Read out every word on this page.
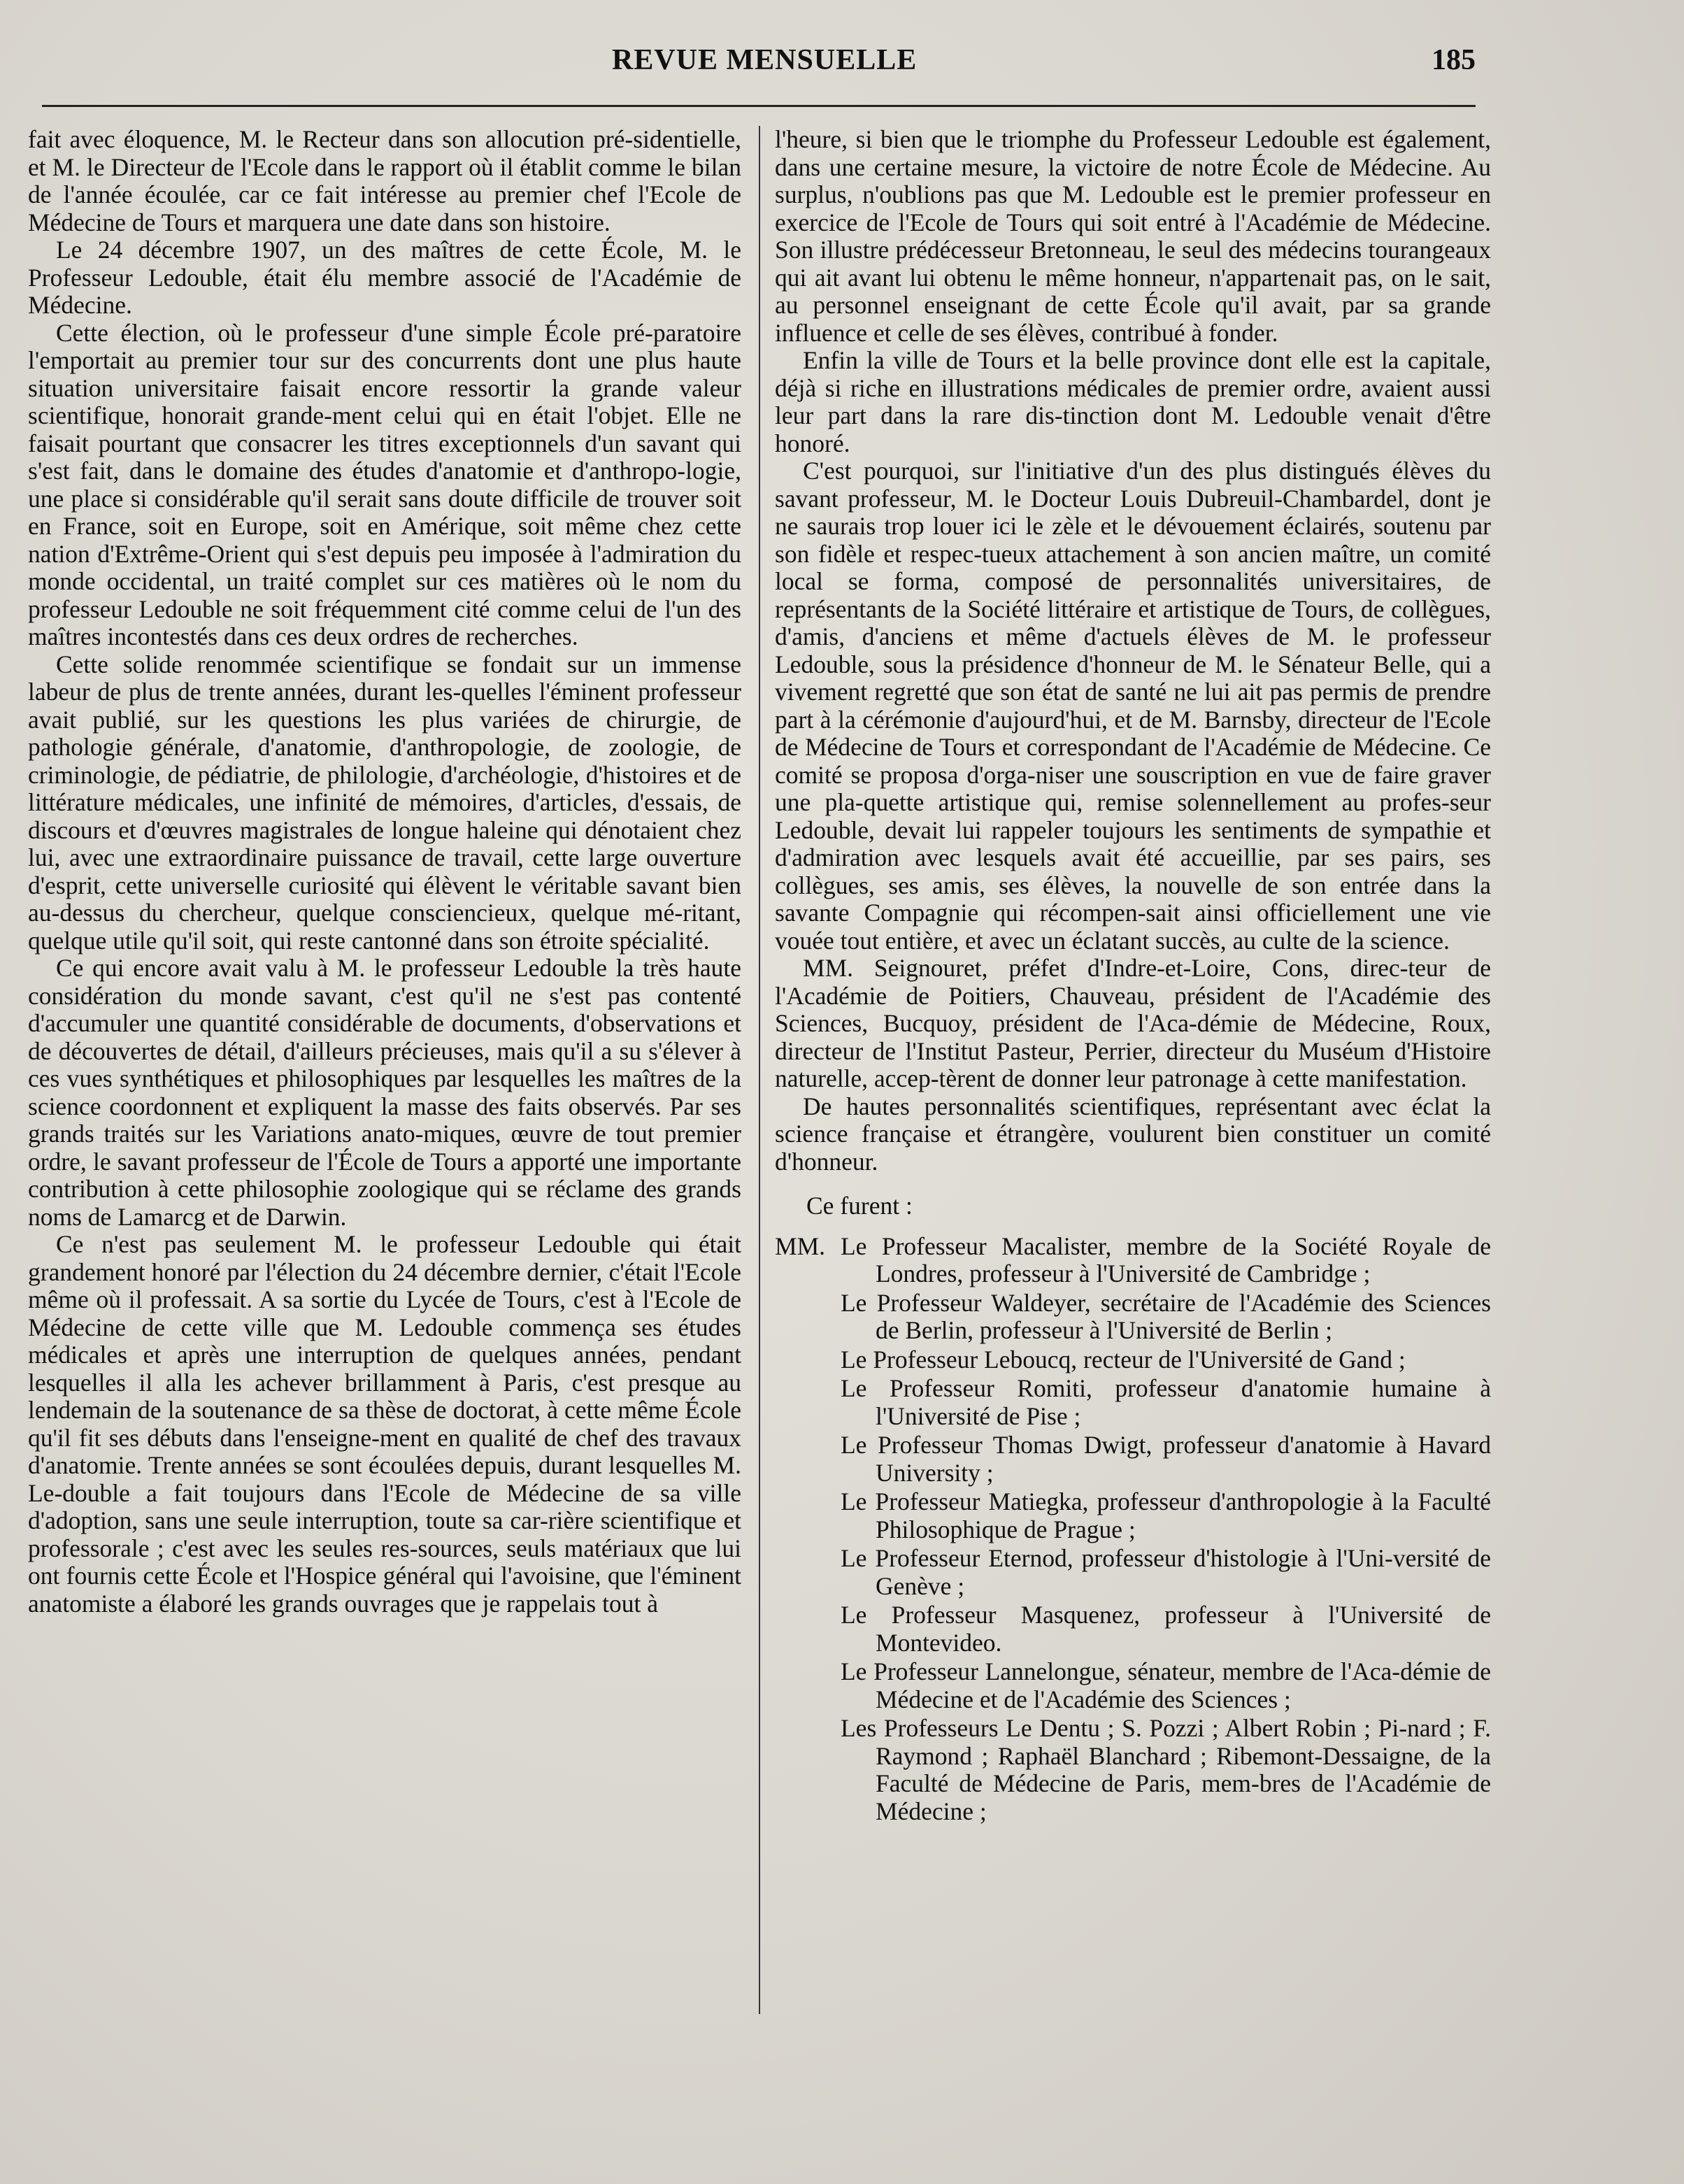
REVUE MENSUELLE	185

fait avec éloquence, M. le Recteur dans son allocution pré-sidentielle, et M. le Directeur de l'Ecole dans le rapport où il établit comme le bilan de l'année écoulée, car ce fait intéresse au premier chef l'Ecole de Médecine de Tours et marquera une date dans son histoire.

Le 24 décembre 1907, un des maîtres de cette École, M. le Professeur Ledouble, était élu membre associé de l'Académie de Médecine.

Cette élection, où le professeur d'une simple École pré-paratoire l'emportait au premier tour sur des concurrents dont une plus haute situation universitaire faisait encore ressortir la grande valeur scientifique, honorait grande-ment celui qui en était l'objet. Elle ne faisait pourtant que consacrer les titres exceptionnels d'un savant qui s'est fait, dans le domaine des études d'anatomie et d'anthropo-logie, une place si considérable qu'il serait sans doute difficile de trouver soit en France, soit en Europe, soit en Amérique, soit même chez cette nation d'Extrême-Orient qui s'est depuis peu imposée à l'admiration du monde occidental, un traité complet sur ces matières où le nom du professeur Ledouble ne soit fréquemment cité comme celui de l'un des maîtres incontestés dans ces deux ordres de recherches.

Cette solide renommée scientifique se fondait sur un immense labeur de plus de trente années, durant les-quelles l'éminent professeur avait publié, sur les questions les plus variées de chirurgie, de pathologie générale, d'anatomie, d'anthropologie, de zoologie, de criminologie, de pédiatrie, de philologie, d'archéologie, d'histoires et de littérature médicales, une infinité de mémoires, d'articles, d'essais, de discours et d'œuvres magistrales de longue haleine qui dénotaient chez lui, avec une extraordinaire puissance de travail, cette large ouverture d'esprit, cette universelle curiosité qui élèvent le véritable savant bien au-dessus du chercheur, quelque consciencieux, quelque mé-ritant, quelque utile qu'il soit, qui reste cantonné dans son étroite spécialité.

Ce qui encore avait valu à M. le professeur Ledouble la très haute considération du monde savant, c'est qu'il ne s'est pas contenté d'accumuler une quantité considérable de documents, d'observations et de découvertes de détail, d'ailleurs précieuses, mais qu'il a su s'élever à ces vues synthétiques et philosophiques par lesquelles les maîtres de la science coordonnent et expliquent la masse des faits observés. Par ses grands traités sur les Variations anato-miques, œuvre de tout premier ordre, le savant professeur de l'École de Tours a apporté une importante contribution à cette philosophie zoologique qui se réclame des grands noms de Lamarcg et de Darwin.

Ce n'est pas seulement M. le professeur Ledouble qui était grandement honoré par l'élection du 24 décembre dernier, c'était l'Ecole même où il professait. A sa sortie du Lycée de Tours, c'est à l'Ecole de Médecine de cette ville que M. Ledouble commença ses études médicales et après une interruption de quelques années, pendant lesquelles il alla les achever brillamment à Paris, c'est presque au lendemain de la soutenance de sa thèse de doctorat, à cette même École qu'il fit ses débuts dans l'enseigne-ment en qualité de chef des travaux d'anatomie. Trente années se sont écoulées depuis, durant lesquelles M. Le-double a fait toujours dans l'Ecole de Médecine de sa ville d'adoption, sans une seule interruption, toute sa car-rière scientifique et professorale ; c'est avec les seules res-sources, seuls matériaux que lui ont fournis cette École et l'Hospice général qui l'avoisine, que l'éminent anatomiste a élaboré les grands ouvrages que je rappelais tout à

l'heure, si bien que le triomphe du Professeur Ledouble est également, dans une certaine mesure, la victoire de notre École de Médecine. Au surplus, n'oublions pas que M. Ledouble est le premier professeur en exercice de l'Ecole de Tours qui soit entré à l'Académie de Médecine. Son illustre prédécesseur Bretonneau, le seul des médecins tourangeaux qui ait avant lui obtenu le même honneur, n'appartenait pas, on le sait, au personnel enseignant de cette École qu'il avait, par sa grande influence et celle de ses élèves, contribué à fonder.

Enfin la ville de Tours et la belle province dont elle est la capitale, déjà si riche en illustrations médicales de premier ordre, avaient aussi leur part dans la rare dis-tinction dont M. Ledouble venait d'être honoré.

C'est pourquoi, sur l'initiative d'un des plus distingués élèves du savant professeur, M. le Docteur Louis Dubreuil-Chambardel, dont je ne saurais trop louer ici le zèle et le dévouement éclairés, soutenu par son fidèle et respec-tueux attachement à son ancien maître, un comité local se forma, composé de personnalités universitaires, de représentants de la Société littéraire et artistique de Tours, de collègues, d'amis, d'anciens et même d'actuels élèves de M. le professeur Ledouble, sous la présidence d'honneur de M. le Sénateur Belle, qui a vivement regretté que son état de santé ne lui ait pas permis de prendre part à la cérémonie d'aujourd'hui, et de M. Barnsby, directeur de l'Ecole de Médecine de Tours et correspondant de l'Académie de Médecine. Ce comité se proposa d'orga-niser une souscription en vue de faire graver une pla-quette artistique qui, remise solennellement au profes-seur Ledouble, devait lui rappeler toujours les sentiments de sympathie et d'admiration avec lesquels avait été accueillie, par ses pairs, ses collègues, ses amis, ses élèves, la nouvelle de son entrée dans la savante Compagnie qui récompen-sait ainsi officiellement une vie vouée tout entière, et avec un éclatant succès, au culte de la science.

MM. Seignouret, préfet d'Indre-et-Loire, Cons, direc-teur de l'Académie de Poitiers, Chauveau, président de l'Académie des Sciences, Bucquoy, président de l'Aca-démie de Médecine, Roux, directeur de l'Institut Pasteur, Perrier, directeur du Muséum d'Histoire naturelle, accep-tèrent de donner leur patronage à cette manifestation.

De hautes personnalités scientifiques, représentant avec éclat la science française et étrangère, voulurent bien constituer un comité d'honneur.

Ce furent :

MM. Le Professeur Macalister, membre de la Société Royale de Londres, professeur à l'Université de Cambridge ;
Le Professeur Waldeyer, secrétaire de l'Académie des Sciences de Berlin, professeur à l'Université de Berlin ;
Le Professeur Leboucq, recteur de l'Université de Gand ;
Le Professeur Romiti, professeur d'anatomie humaine à l'Université de Pise ;
Le Professeur Thomas Dwigt, professeur d'anatomie à Havard University ;
Le Professeur Matiegka, professeur d'anthropologie à la Faculté Philosophique de Prague ;
Le Professeur Eternod, professeur d'histologie à l'Uni-versité de Genève ;
Le Professeur Masquenez, professeur à l'Université de Montevideo.
Le Professeur Lannelongue, sénateur, membre de l'Aca-démie de Médecine et de l'Académie des Sciences ;
Les Professeurs Le Dentu ; S. Pozzi ; Albert Robin ; Pi-nard ; F. Raymond ; Raphaël Blanchard ; Ribemont-Dessaigne, de la Faculté de Médecine de Paris, mem-bres de l'Académie de Médecine ;
